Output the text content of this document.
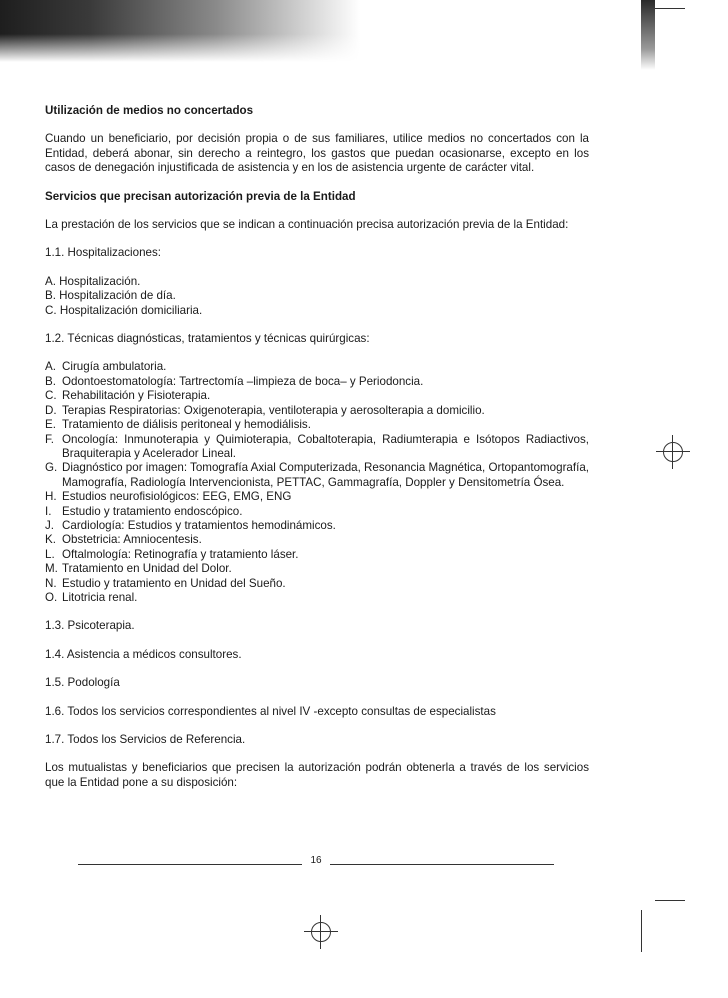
Utilización de medios no concertados
Cuando un beneficiario, por decisión propia o de sus familiares, utilice medios no concertados con la Entidad, deberá abonar, sin derecho a reintegro, los gastos que puedan ocasionarse, excepto en los casos de denegación injustificada de asistencia y en los de asistencia urgente de carácter vital.
Servicios que precisan autorización previa de la Entidad
La prestación de los servicios que se indican a continuación precisa autorización previa de la Entidad:
1.1. Hospitalizaciones:
A. Hospitalización.
B. Hospitalización de día.
C. Hospitalización domiciliaria.
1.2. Técnicas diagnósticas, tratamientos y técnicas quirúrgicas:
A. Cirugía ambulatoria.
B. Odontoestomatología: Tartrectomía –limpieza de boca– y Periodoncia.
C. Rehabilitación y Fisioterapia.
D. Terapias Respiratorias: Oxigenoterapia, ventiloterapia y aerosolterapia a domicilio.
E. Tratamiento de diálisis peritoneal y hemodiálisis.
F. Oncología: Inmunoterapia y Quimioterapia, Cobaltoterapia, Radiumterapia e Isótopos Radiactivos, Braquiterapia y Acelerador Lineal.
G. Diagnóstico por imagen: Tomografía Axial Computerizada, Resonancia Magnética, Ortopantomografía, Mamografía, Radiología Intervencionista, PETTAC, Gammagrafía, Doppler y Densitometría Ósea.
H. Estudios neurofisiológicos: EEG, EMG, ENG
I. Estudio y tratamiento endoscópico.
J. Cardiología: Estudios y tratamientos hemodinámicos.
K. Obstetricia: Amniocentesis.
L. Oftalmología: Retinografía y tratamiento láser.
M. Tratamiento en Unidad del Dolor.
N. Estudio y tratamiento en Unidad del Sueño.
O. Litotricia renal.
1.3. Psicoterapia.
1.4. Asistencia a médicos consultores.
1.5. Podología
1.6. Todos los servicios correspondientes al nivel IV -excepto consultas de especialistas
1.7. Todos los Servicios de Referencia.
Los mutualistas y beneficiarios que precisen la autorización podrán obtenerla a través de los servicios que la Entidad pone a su disposición:
16
